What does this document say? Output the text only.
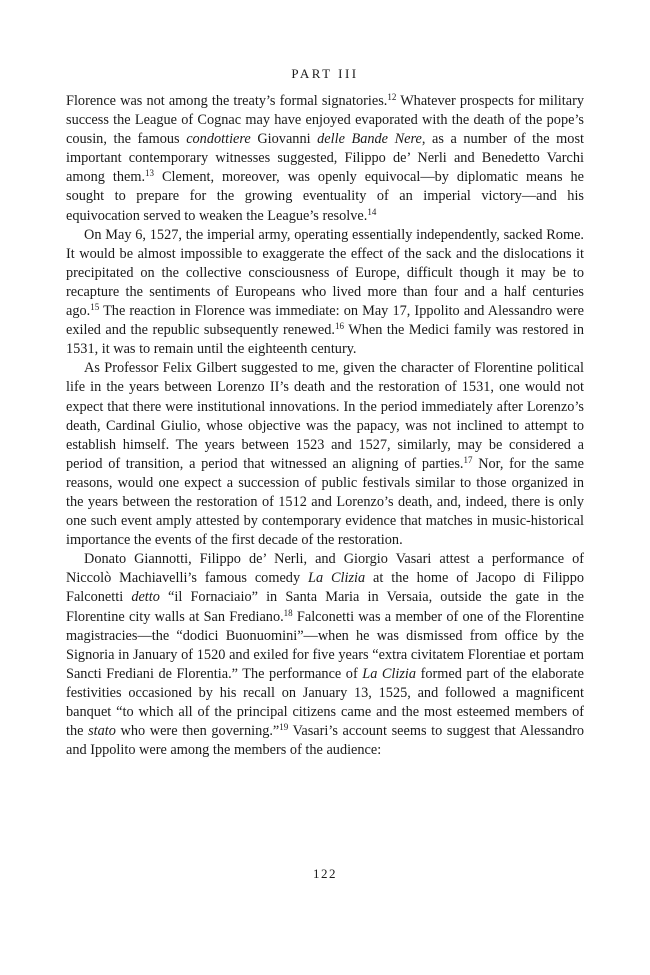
PART III

Florence was not among the treaty’s formal signatories.$^{12}$ Whatever prospects for military success the League of Cognac may have enjoyed evaporated with the death of the pope’s cousin, the famous condottiere Giovanni delle Bande Nere, as a number of the most important contemporary witnesses suggested, Filippo de’ Nerli and Benedetto Varchi among them.$^{13}$ Clement, moreover, was openly equivocal—by diplomatic means he sought to prepare for the growing eventuality of an imperial victory—and his equivocation served to weaken the League’s resolve.$^{14}$

On May 6, 1527, the imperial army, operating essentially independently, sacked Rome. It would be almost impossible to exaggerate the effect of the sack and the dislocations it precipitated on the collective consciousness of Europe, difficult though it may be to recapture the sentiments of Europeans who lived more than four and a half centuries ago.$^{15}$ The reaction in Florence was immediate: on May 17, Ippolito and Alessandro were exiled and the republic subsequently renewed.$^{16}$ When the Medici family was restored in 1531, it was to remain until the eighteenth century.

As Professor Felix Gilbert suggested to me, given the character of Florentine political life in the years between Lorenzo II’s death and the restoration of 1531, one would not expect that there were institutional innovations. In the period immediately after Lorenzo’s death, Cardinal Giulio, whose objective was the papacy, was not inclined to attempt to establish himself. The years between 1523 and 1527, similarly, may be considered a period of transition, a period that witnessed an aligning of parties.$^{17}$ Nor, for the same reasons, would one expect a succession of public festivals similar to those organized in the years between the restoration of 1512 and Lorenzo’s death, and, indeed, there is only one such event amply attested by contemporary evidence that matches in music-historical importance the events of the first decade of the restoration.

Donato Giannotti, Filippo de’ Nerli, and Giorgio Vasari attest a performance of Niccolò Machiavelli’s famous comedy La Clizia at the home of Jacopo di Filippo Falconetti detto “il Fornaciaio” in Santa Maria in Versaia, outside the gate in the Florentine city walls at San Frediano.$^{18}$ Falconetti was a member of one of the Florentine magistracies—the “dodici Buonuomini”—when he was dismissed from office by the Signoria in January of 1520 and exiled for five years “extra civitatem Florentiae et portam Sancti Frediani de Florentia.” The performance of La Clizia formed part of the elaborate festivities occasioned by his recall on January 13, 1525, and followed a magnificent banquet “to which all of the principal citizens came and the most esteemed members of the stato who were then governing.”$^{19}$ Vasari’s account seems to suggest that Alessandro and Ippolito were among the members of the audience:

122
